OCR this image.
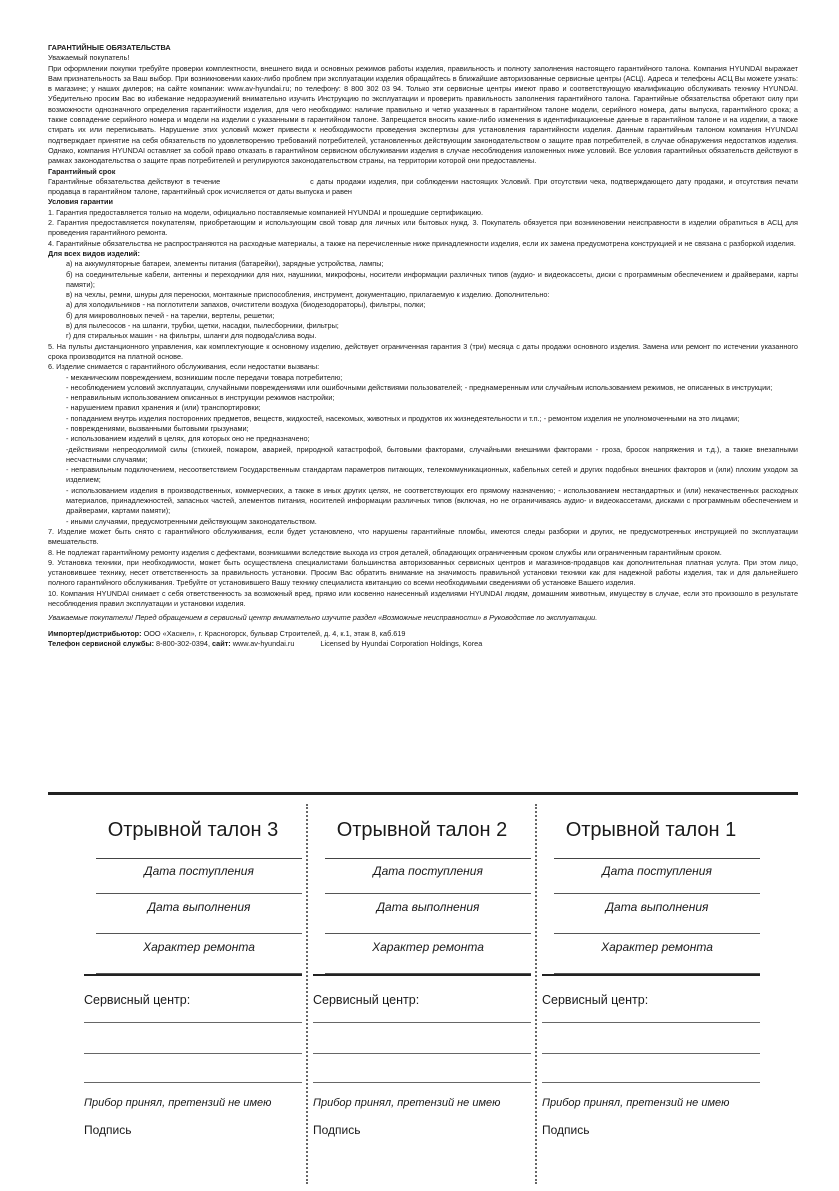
ГАРАНТИЙНЫЕ ОБЯЗАТЕЛЬСТВА

Уважаемый покупатель!

При оформлении покупки требуйте проверки комплектности, внешнего вида и основных режимов работы изделия, правильность и полноту заполнения настоящего гарантийного талона. Компания HYUNDAI выражает Вам признательность за Ваш выбор. При возникновении каких-либо проблем при эксплуатации изделия обращайтесь в ближайшие авторизованные сервисные центры (АСЦ). Адреса и телефоны АСЦ Вы можете узнать: в магазине; у наших дилеров; на сайте компании: www.av-hyundai.ru; по телефону: 8 800 302 03 94. Только эти сервисные центры имеют право и соответствующую квалификацию обслуживать технику HYUNDAI. Убедительно просим Вас во избежание недоразумений внимательно изучить Инструкцию по эксплуатации и проверить правильность заполнения гарантийного талона. Гарантийные обязательства обретают силу при возможности однозначного определения гарантийности изделия, для чего необходимо: наличие правильно и четко указанных в гарантийном талоне модели, серийного номера, даты выпуска, гарантийного срока; а также совпадение серийного номера и модели на изделии с указанными в гарантийном талоне. Запрещается вносить какие-либо изменения в идентификационные данные в гарантийном талоне и на изделии, а также стирать их или переписывать. Нарушение этих условий может привести к необходимости проведения экспертизы для установления гарантийности изделия. Данным гарантийным талоном компания HYUNDAI подтверждает принятие на себя обязательств по удовлетворению требований потребителей, установленных действующим законодательством о защите прав потребителей, в случае обнаружения недостатков изделия. Однако, компания HYUNDAI оставляет за собой право отказать в гарантийном сервисном обслуживании изделия в случае несоблюдения изложенных ниже условий. Все условия гарантийных обязательств действуют в рамках законодательства о защите прав потребителей и регулируются законодательством страны, на территории которой они предоставлены.

Гарантийный срок

Гарантийные обязательства действуют в течение	с даты продажи изделия, при соблюдении настоящих Условий. При отсутствии чека, подтверждающего дату продажи, и отсутствия печати продавца в гарантийном талоне, гарантийный срок исчисляется от даты выпуска и равен

Условия гарантии

1. Гарантия предоставляется только на модели, официально поставляемые компанией HYUNDAI и прошедшие сертификацию.

2. Гарантия предоставляется покупателям, приобретающим и использующим свой товар для личных или бытовых нужд. 3. Покупатель обязуется при возникновении неисправности в изделии обратиться в АСЦ для проведения гарантийного ремонта.

4. Гарантийные обязательства не распространяются на расходные материалы, а также на перечисленные ниже принадлежности изделия, если их замена предусмотрена конструкцией и не связана с разборкой изделия.

Для всех видов изделий:

а) на аккумуляторные батареи, элементы питания (батарейки), зарядные устройства, лампы;

б) на соединительные кабели, антенны и переходники для них, наушники, микрофоны, носители информации различных типов (аудио- и видеокассеты, диски с программным обеспечением и драйверами, карты памяти);

в) на чехлы, ремни, шнуры для переноски, монтажные приспособления, инструмент, документацию, прилагаемую к изделию. Дополнительно:

а) для холодильников - на поглотители запахов, очистители воздуха (биодезодораторы), фильтры, полки;

б) для микроволновых печей - на тарелки, вертелы, решетки;

в) для пылесосов - на шланги, трубки, щетки, насадки, пылесборники, фильтры;

г) для стиральных машин - на фильтры, шланги для подвода/слива воды.

5. На пульты дистанционного управления, как комплектующие к основному изделию, действует ограниченная гарантия 3 (три) месяца с даты продажи основного изделия. Замена или ремонт по истечении указанного срока производится на платной основе.

6. Изделие снимается с гарантийного обслуживания, если недостатки вызваны:

- механическим повреждением, возникшим после передачи товара потребителю;

- несоблюдением условий эксплуатации, случайными повреждениями или ошибочными действиями пользователей; - преднамеренным или случайным использованием режимов, не описанных в инструкции;

- неправильным использованием описанных в инструкции режимов настройки;

- нарушением правил хранения и (или) транспортировки;

- попаданием внутрь изделия посторонних предметов, веществ, жидкостей, насекомых, животных и продуктов их жизнедеятельности и т.п.; - ремонтом изделия не уполномоченными на это лицами;

- повреждениями, вызванными бытовыми грызунами;

- использованием изделий в целях, для которых оно не предназначено;

-действиями непреодолимой силы (стихией, пожаром, аварией, природной катастрофой, бытовыми факторами, случайными внешними факторами - гроза, бросок напряжения и т.д.), а также внезапными несчастными случаями;

- неправильным подключением, несоответствием Государственным стандартам параметров питающих, телекоммуникационных, кабельных сетей и других подобных внешних факторов и (или) плохим уходом за изделием;

- использованием изделия в производственных, коммерческих, а также в иных других целях, не соответствующих его прямому назначению; - использованием нестандартных и (или) некачественных расходных материалов, принадлежностей, запасных частей, элементов питания, носителей информации различных типов (включая, но не ограничиваясь аудио- и видеокассетами, дисками с программным обеспечением и драйверами, картами памяти);

- иными случаями, предусмотренными действующим законодательством.

7. Изделие может быть снято с гарантийного обслуживания, если будет установлено, что нарушены гарантийные пломбы, имеются следы разборки и других, не предусмотренных инструкцией по эксплуатации вмешательств.

8. Не подлежат гарантийному ремонту изделия с дефектами, возникшими вследствие выхода из строя деталей, обладающих ограниченным сроком службы или ограниченным гарантийным сроком.

9. Установка техники, при необходимости, может быть осуществлена специалистами большинства авторизованных сервисных центров и магазинов-продавцов как дополнительная платная услуга. При этом лицо, установившее технику, несет ответственность за правильность установки. Просим Вас обратить внимание на значимость правильной установки техники как для надежной работы изделия, так и для дальнейшего полного гарантийного обслуживания. Требуйте от установившего Вашу технику специалиста квитанцию со всеми необходимыми сведениями об установке Вашего изделия.

10. Компания HYUNDAI снимает с себя ответственность за возможный вред, прямо или косвенно нанесенный изделиями HYUNDAI людям, домашним животным, имуществу в случае, если это произошло в результате несоблюдения правил эксплуатации и установки изделия.

Уважаемые покупатели! Перед обращением в сервисный центр внимательно изучите раздел «Возможные неисправности» в Руководстве по эксплуатации.

Импортер/дистрибьютор: ООО «Хаскел», г. Красногорск, бульвар Строителей, д. 4, к.1, этаж 8, каб.619

Телефон сервисной службы: 8-800-302-0394, сайт: www.av-hyundai.ru	Licensed by Hyundai Corporation Holdings, Korea

Отрывной талон 3
Дата поступления
Дата выполнения
Характер ремонта
Сервисный центр:
Прибор принял, претензий не имею
Подпись
Отрывной талон 2
Дата поступления
Дата выполнения
Характер ремонта
Сервисный центр:
Прибор принял, претензий не имею
Подпись
Отрывной талон 1
Дата поступления
Дата выполнения
Характер ремонта
Сервисный центр:
Прибор принял, претензий не имею
Подпись
